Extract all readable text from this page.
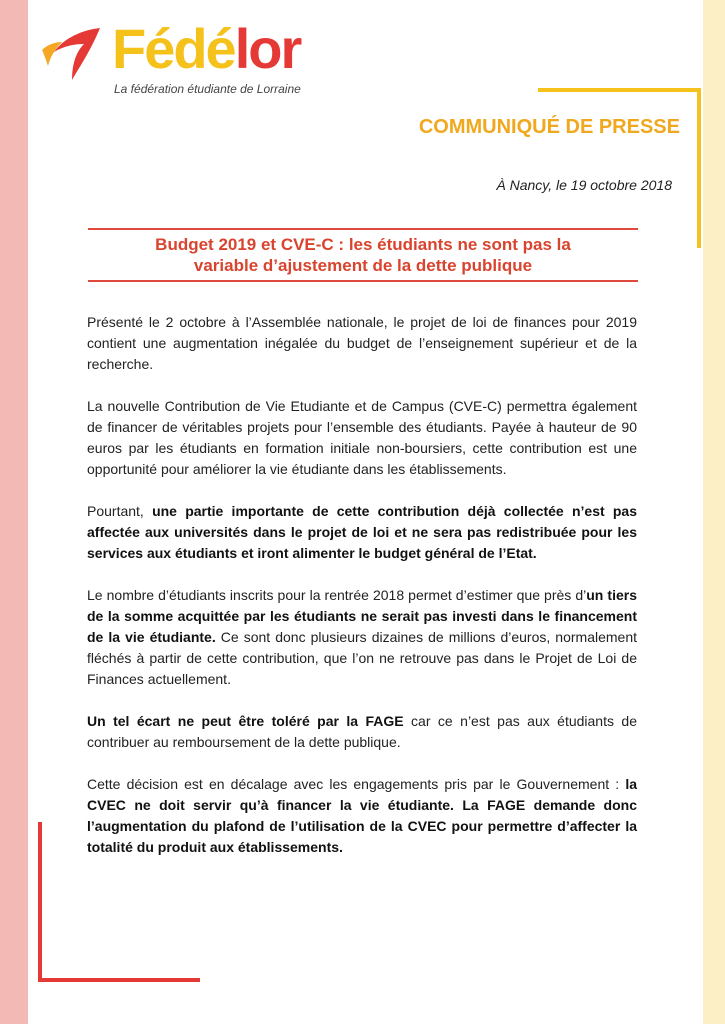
Fédélor
La fédération étudiante de Lorraine
COMMUNIQUÉ DE PRESSE
À Nancy, le 19 octobre 2018

Budget 2019 et CVE-C : les étudiants ne sont pas la

variable d’ajustement de la dette publique

Présenté le 2 octobre à l’Assemblée nationale, le projet de loi de finances pour 2019 contient une augmentation inégalée du budget de l’enseignement supérieur et de la recherche.

La nouvelle Contribution de Vie Etudiante et de Campus (CVE-C) permettra également de financer de véritables projets pour l’ensemble des étudiants. Payée à hauteur de 90 euros par les étudiants en formation initiale non-boursiers, cette contribution est une opportunité pour améliorer la vie étudiante dans les établissements.

Pourtant, une partie importante de cette contribution déjà collectée n’est pas affectée aux universités dans le projet de loi et ne sera pas redistribuée pour les services aux étudiants et iront alimenter le budget général de l’Etat.

Le nombre d’étudiants inscrits pour la rentrée 2018 permet d’estimer que près d’un tiers de la somme acquittée par les étudiants ne serait pas investi dans le financement de la vie étudiante. Ce sont donc plusieurs dizaines de millions d’euros, normalement fléchés à partir de cette contribution, que l’on ne retrouve pas dans le Projet de Loi de Finances actuellement.

Un tel écart ne peut être toléré par la FAGE car ce n’est pas aux étudiants de contribuer au remboursement de la dette publique.

Cette décision est en décalage avec les engagements pris par le Gouvernement : la CVEC ne doit servir qu’à financer la vie étudiante. La FAGE demande donc l’augmentation du plafond de l’utilisation de la CVEC pour permettre d’affecter la totalité du produit aux établissements.
